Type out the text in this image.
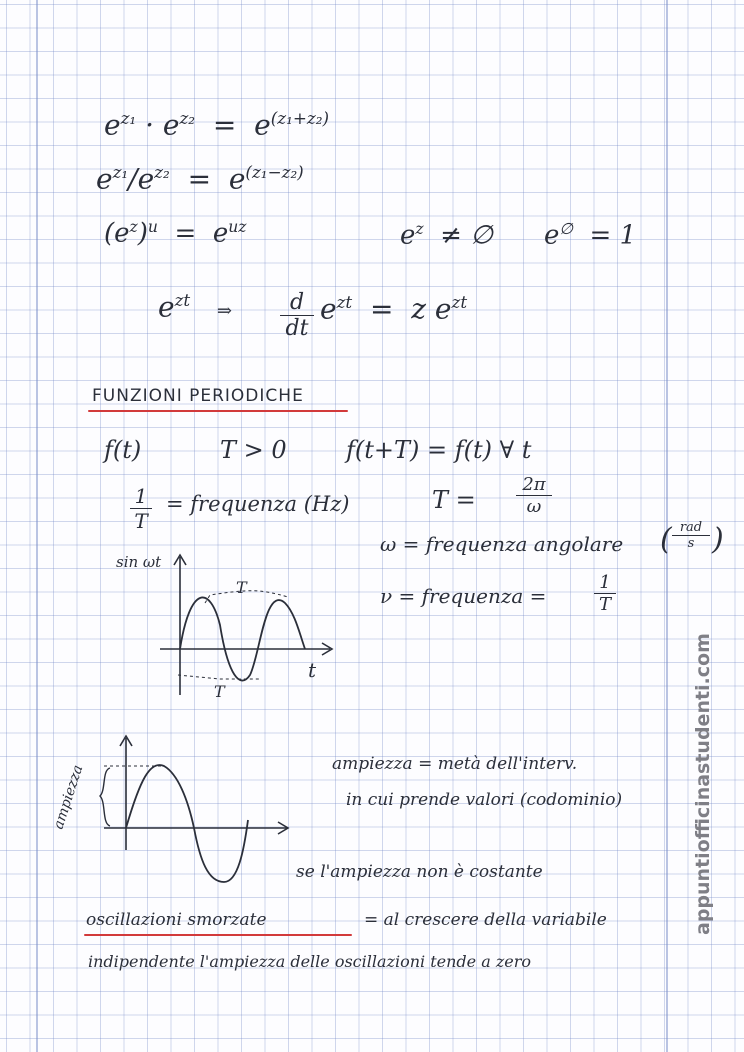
$e^{z_1} \cdot e^{z_2} = e^{(z_1+z_2)}$
$e^{z_1}/e^{z_2} = e^{(z_1-z_2)}$
$(e^z)^u = e^{uz}$	$e^z$ ≠ ∅ e∅ = 1
$e^{zt}$   ⇒ $\frac{d}{dt} e^{zt} = z$ $e^{zt}$
FUNZIONI PERIODICHE
f(t)	T > 0 f(t+T) = f(t) ∀ t
$\frac{1}{T}$ = frequenza (Hz)	$T = \frac{2\pi}{\omega}$
ω = frequenza angolare ( rad
s )
ν = frequenza =	$\frac{1}{T}$
sin ωt
T
T
t
ampiezza	ampiezza = metà dell'interv.
in cui prende valori (codominio)
se l'ampiezza non è costante
oscillazioni smorzate	= al crescere della variabile
indipendente l'ampiezza delle oscillazioni tende a zero
appuntiofficinastudenti.com
